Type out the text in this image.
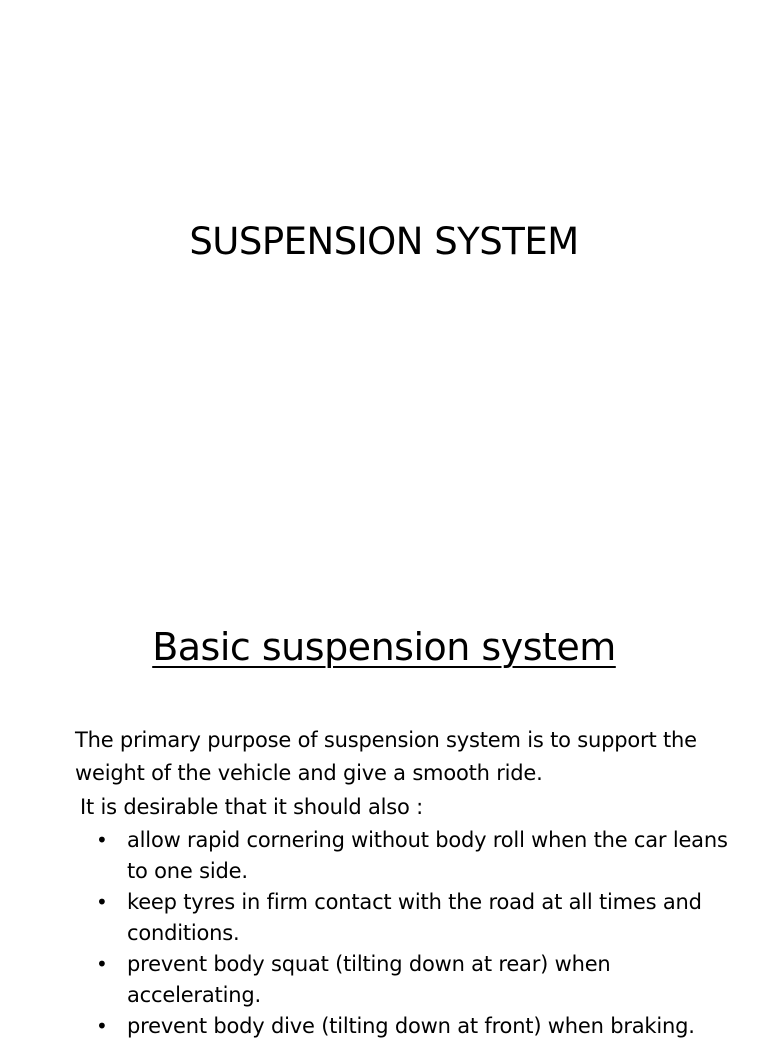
SUSPENSION SYSTEM
Basic suspension system

The primary purpose of suspension system is to support the weight of the vehicle and give a smooth ride.

It is desirable that it should also :

• allow rapid cornering without body roll when the car leans to one side.
• keep tyres in firm contact with the road at all times and conditions.
• prevent body squat (tilting down at rear) when accelerating.
• prevent body dive (tilting down at front) when braking.
